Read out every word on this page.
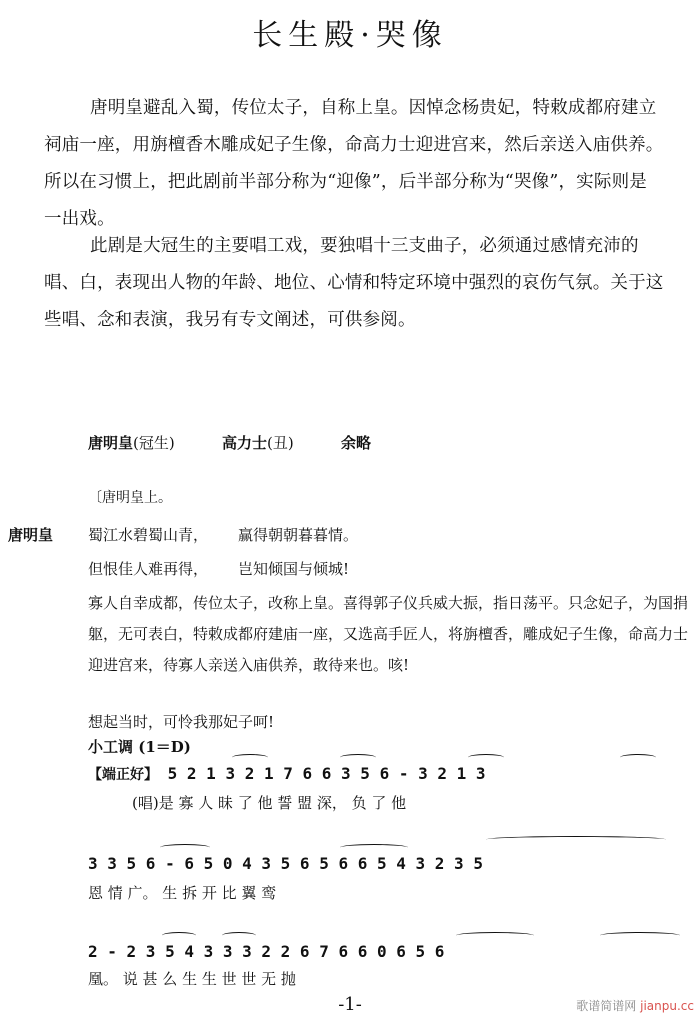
长生殿·哭像
唐明皇避乱入蜀，传位太子，自称上皇。因悼念杨贵妃，特敕成都府建立祠庙一座，用旃檀香木雕成妃子生像，命高力士迎进宫来，然后亲送入庙供养。所以在习惯上，把此剧前半部分称为“迎像”，后半部分称为“哭像”，实际则是一出戏。
此剧是大冠生的主要唱工戏，要独唱十三支曲子，必须通过感情充沛的唱、白，表现出人物的年龄、地位、心情和特定环境中强烈的哀伤气氛。关于这些唱、念和表演，我另有专文阐述，可供参阅。
唐明皇(冠生)	高力士(丑)	余略
〔唐明皇上。
唐明皇 蜀江水碧蜀山青， 赢得朝朝暮暮情。
但恨佳人难再得， 岂知倾国与倾城!
寡人自幸成都，传位太子，改称上皇。喜得郭子仪兵威大振，指日荡平。只念妃子，为国捐躯，无可表白，特敕成都府建庙一座，又选高手匠人，将旃檀香，雕成妃子生像，命高力士迎进宫来，待寡人亲送入庙供养，敢待来也。咳!
想起当时，可怜我那妃子呵!
小工调 (1＝D)
【端正好】 5 2 1 3 2 1 7 6 6 3 5 6 - 3 2 1 3
(唱)是 寡 人 昧 了 他 誓 盟 深， 负 了 他
3 3 5 6 - 6 5 0 4 3 5 6 5 6 6 5 4 3 2 3 5
恩 情 广。 生 拆 开 比 翼 鸾
2 - 2 3 5 4 3 3 3 2 2 6 7 6 6 0 6 5 6
凰。 说 甚 么 生 生 世 世 无 抛
-1-	歌谱简谱网 jianpu.cc
